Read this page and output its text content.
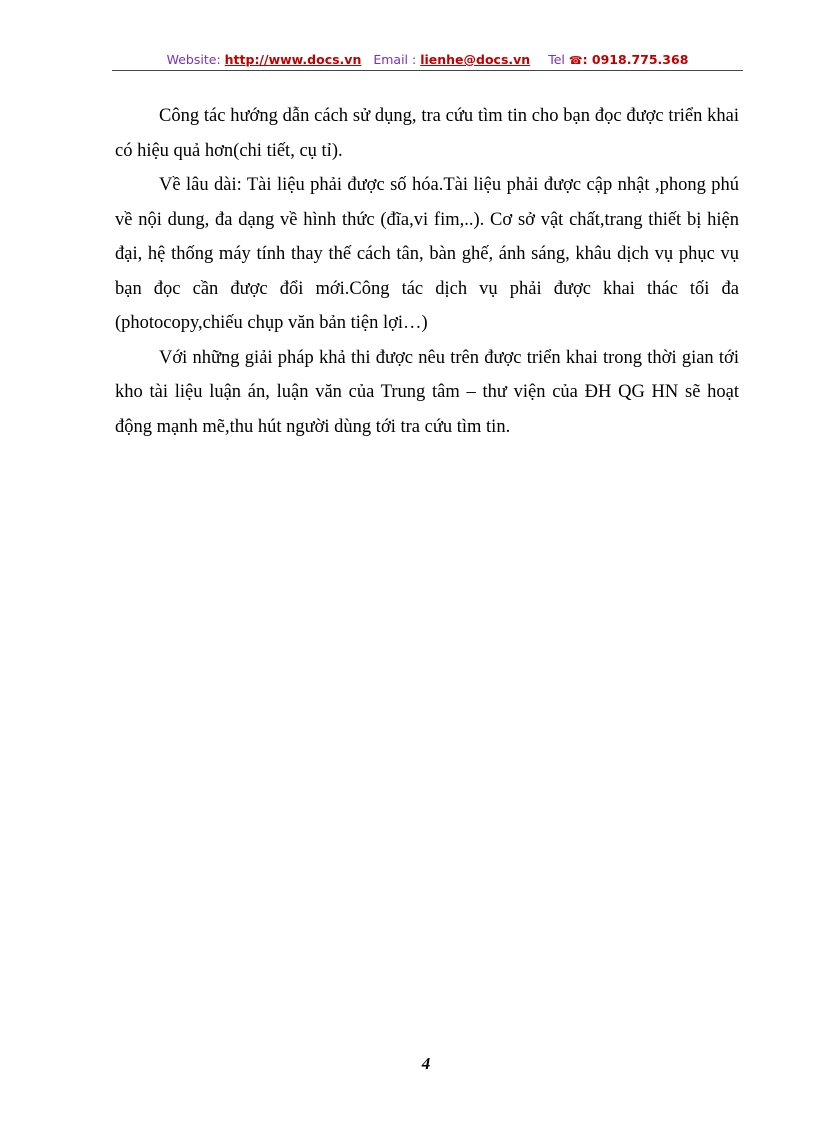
Website: http://www.docs.vn Email : lienhe@docs.vn Tel ☎: 0918.775.368

Công tác hướng dẫn cách sử dụng, tra cứu tìm tin cho bạn đọc được triển khai có hiệu quả hơn(chi tiết, cụ tỉ).

Về lâu dài: Tài liệu phải được số hóa.Tài liệu phải được cập nhật ,phong phú về nội dung, đa dạng về hình thức (đĩa,vi fim,..). Cơ sở vật chất,trang thiết bị hiện đại, hệ thống máy tính thay thế cách tân, bàn ghế, ánh sáng, khâu dịch vụ phục vụ bạn đọc cần được đổi mới.Công tác dịch vụ phải được khai thác tối đa (photocopy,chiếu chụp văn bản tiện lợi…)

Với những giải pháp khả thi được nêu trên được triển khai trong thời gian tới kho tài liệu luận án, luận văn của Trung tâm – thư viện của ĐH QG HN sẽ hoạt động mạnh mẽ,thu hút người dùng tới tra cứu tìm tin.

4
